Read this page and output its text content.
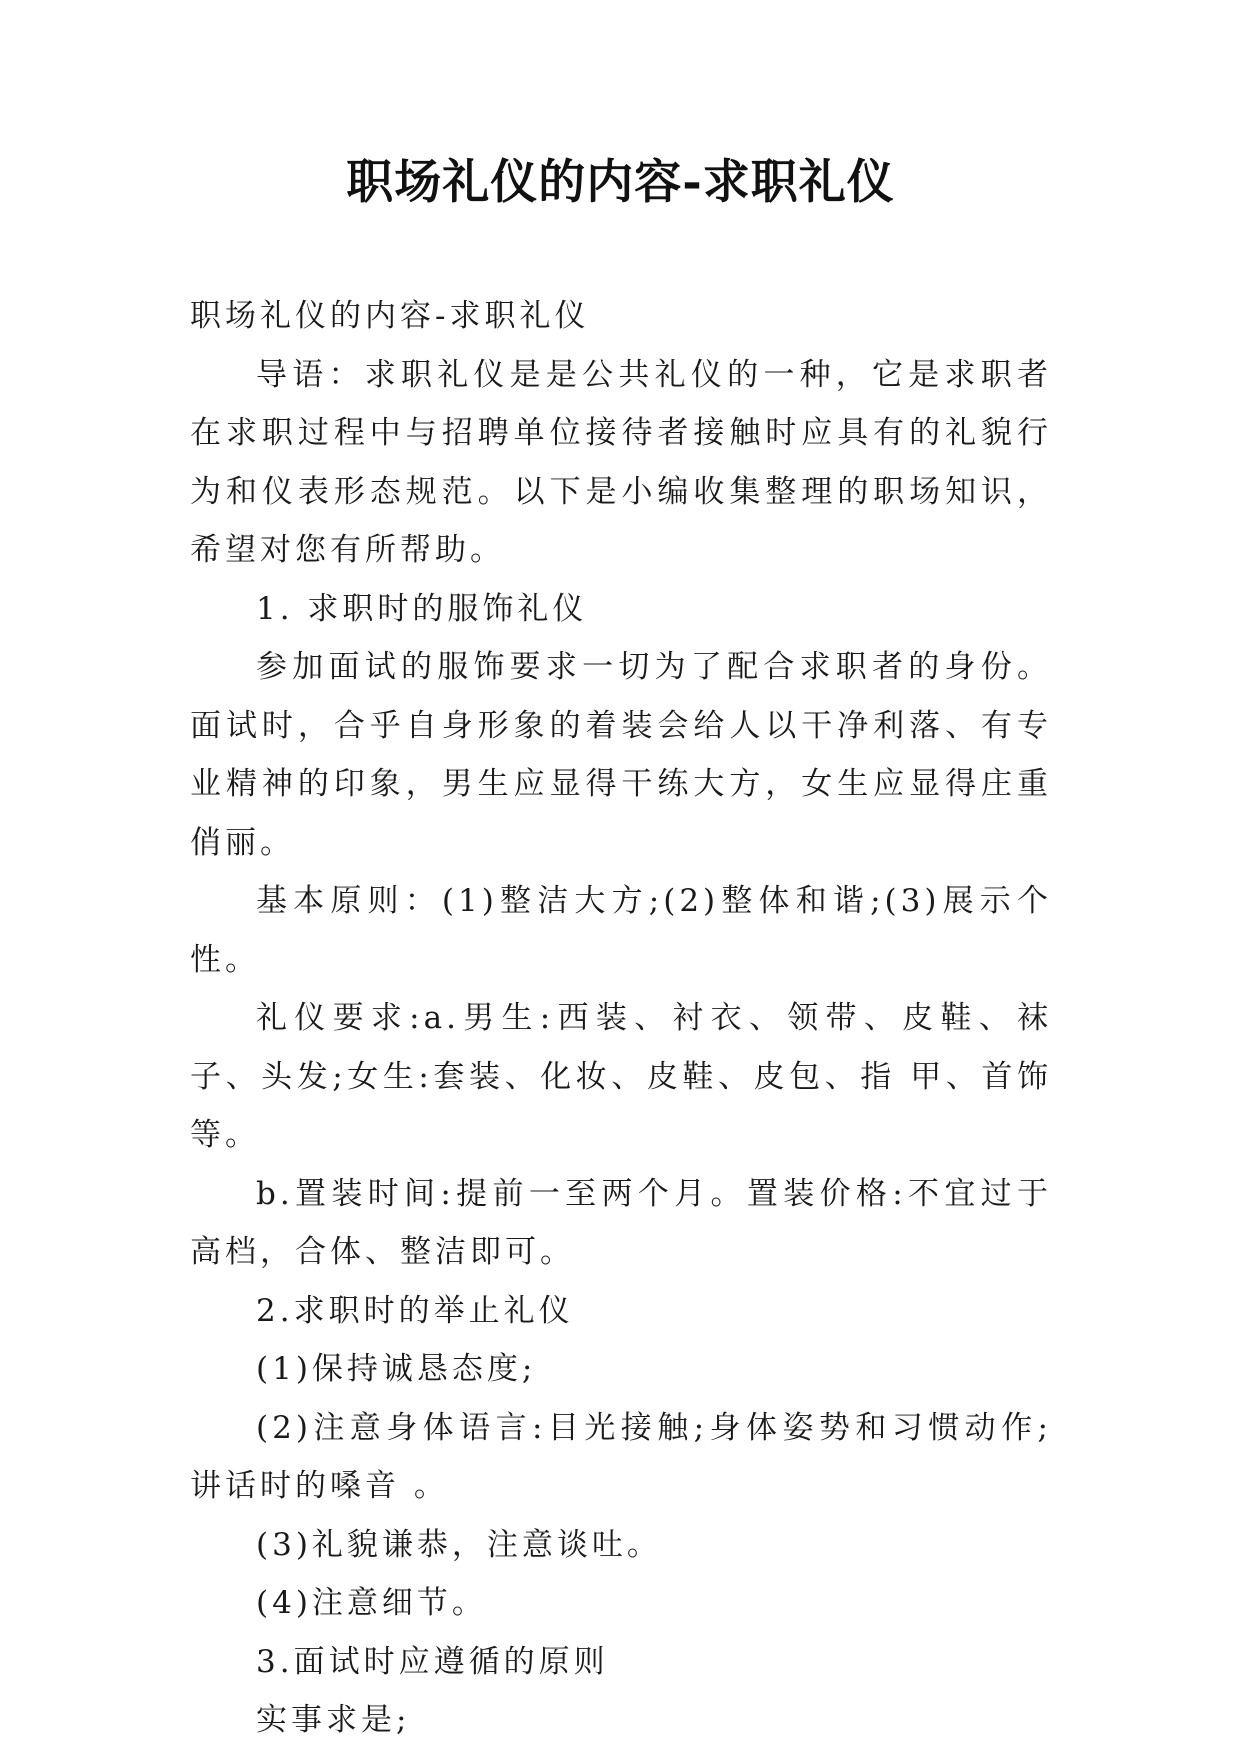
职场礼仪的内容-求职礼仪

职场礼仪的内容-求职礼仪

导语：求职礼仪是是公共礼仪的一种，它是求职者在求职过程中与招聘单位接待者接触时应具有的礼貌行为和仪表形态规范。以下是小编收集整理的职场知识，希望对您有所帮助。

1. 求职时的服饰礼仪

参加面试的服饰要求一切为了配合求职者的身份。面试时，合乎自身形象的着装会给人以干净利落、有专业精神的印象，男生应显得干练大方，女生应显得庄重俏丽。

基本原则：(1)整洁大方;(2)整体和谐;(3)展示个性。

礼仪要求:a.男生:西装、衬衣、领带、皮鞋、袜子、头发;女生:套装、化妆、皮鞋、皮包、指 甲、首饰等。

b.置装时间:提前一至两个月。置装价格:不宜过于高档，合体、整洁即可。

2.求职时的举止礼仪

(1)保持诚恳态度;

(2)注意身体语言:目光接触;身体姿势和习惯动作;讲话时的嗓音 。

(3)礼貌谦恭，注意谈吐。

(4)注意细节。

3.面试时应遵循的原则

实事求是;
